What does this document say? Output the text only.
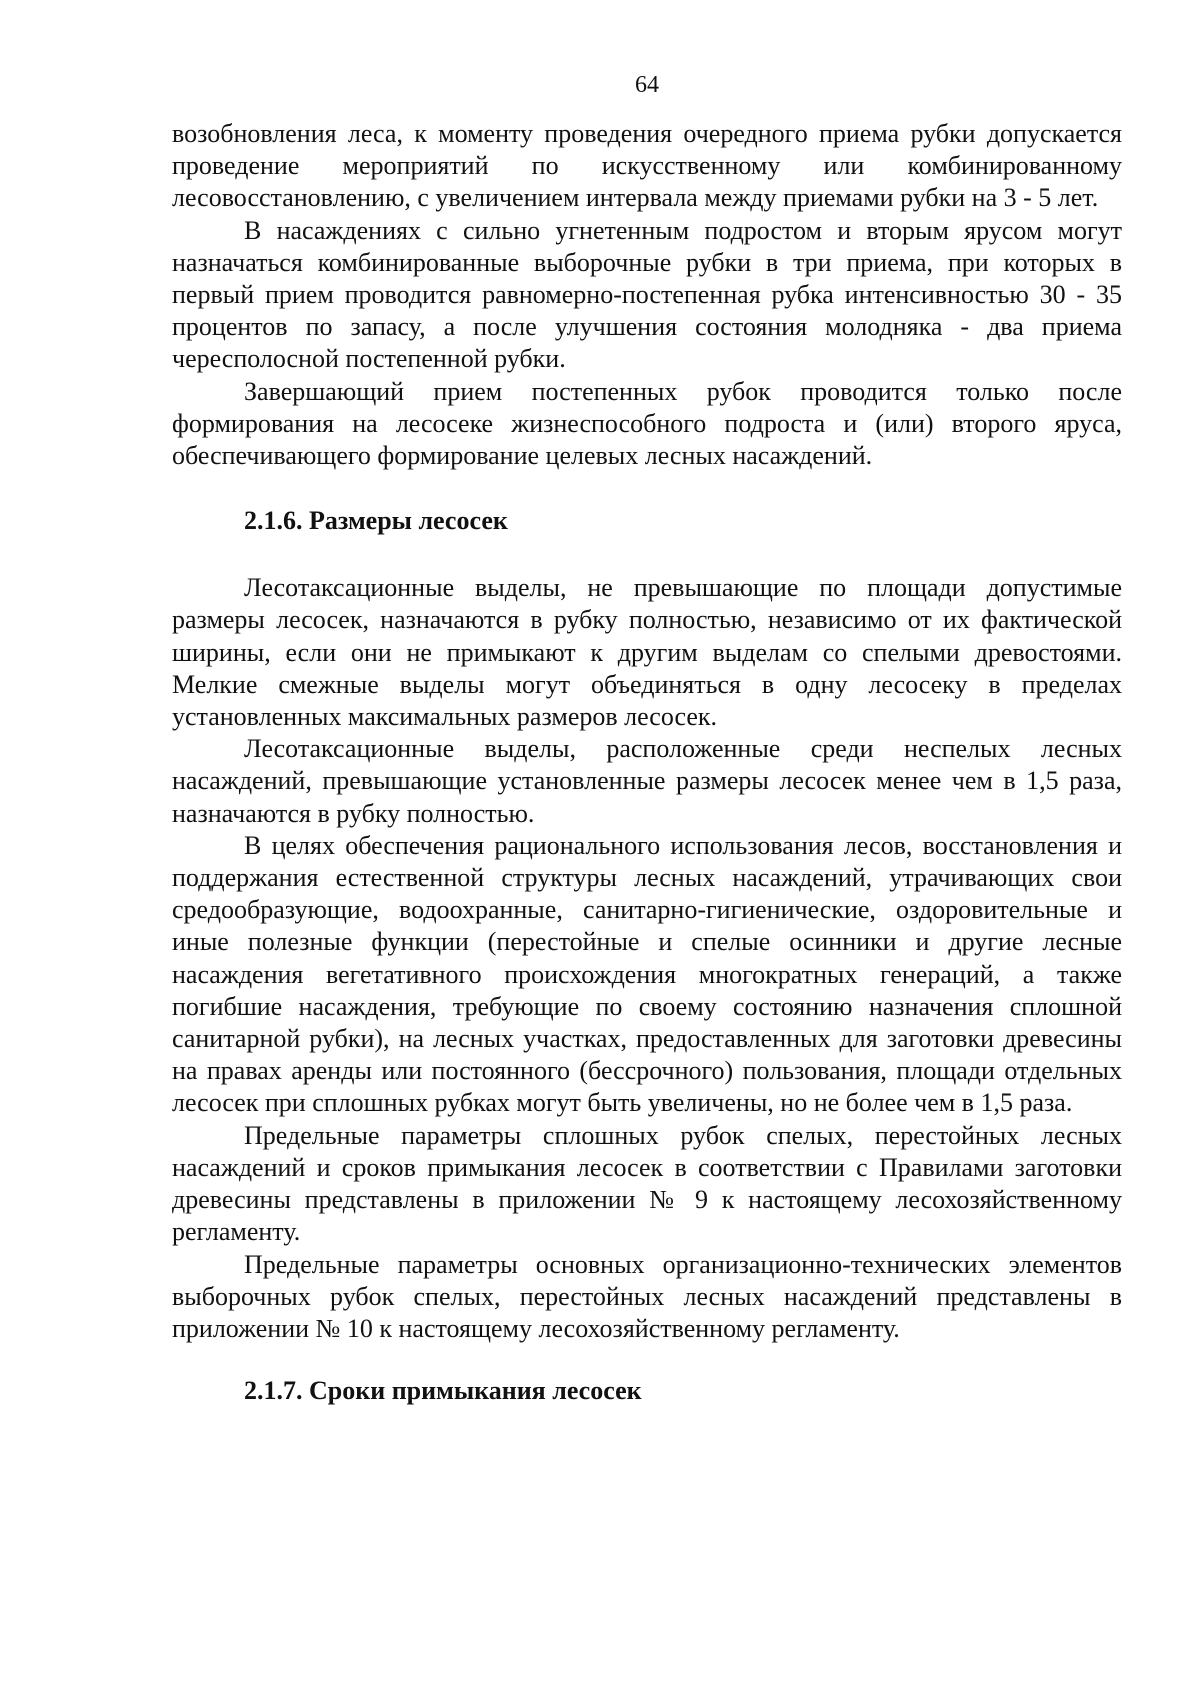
64

возобновления леса, к моменту проведения очередного приема рубки допускается проведение мероприятий по искусственному или комбинированному лесовосстановлению, с увеличением интервала между приемами рубки на 3 - 5 лет.

В насаждениях с сильно угнетенным подростом и вторым ярусом могут назначаться комбинированные выборочные рубки в три приема, при которых в первый прием проводится равномерно-постепенная рубка интенсивностью 30 - 35 процентов по запасу, а после улучшения состояния молодняка - два приема чересполосной постепенной рубки.

Завершающий прием постепенных рубок проводится только после формирования на лесосеке жизнеспособного подроста и (или) второго яруса, обеспечивающего формирование целевых лесных насаждений.

2.1.6. Размеры лесосек

Лесотаксационные выделы, не превышающие по площади допустимые размеры лесосек, назначаются в рубку полностью, независимо от их фактической ширины, если они не примыкают к другим выделам со спелыми древостоями. Мелкие смежные выделы могут объединяться в одну лесосеку в пределах установленных максимальных размеров лесосек.

Лесотаксационные выделы, расположенные среди неспелых лесных насаждений, превышающие установленные размеры лесосек менее чем в 1,5 раза, назначаются в рубку полностью.

В целях обеспечения рационального использования лесов, восстановления и поддержания естественной структуры лесных насаждений, утрачивающих свои средообразующие, водоохранные, санитарно-гигиенические, оздоровительные и иные полезные функции (перестойные и спелые осинники и другие лесные насаждения вегетативного происхождения многократных генераций, а также погибшие насаждения, требующие по своему состоянию назначения сплошной санитарной рубки), на лесных участках, предоставленных для заготовки древесины на правах аренды или постоянного (бессрочного) пользования, площади отдельных лесосек при сплошных рубках могут быть увеличены, но не более чем в 1,5 раза.

Предельные параметры сплошных рубок спелых, перестойных лесных насаждений и сроков примыкания лесосек в соответствии с Правилами заготовки древесины представлены в приложении № 9 к настоящему лесохозяйственному регламенту.

Предельные параметры основных организационно-технических элементов выборочных рубок спелых, перестойных лесных насаждений представлены в приложении № 10 к настоящему лесохозяйственному регламенту.

2.1.7. Сроки примыкания лесосек
